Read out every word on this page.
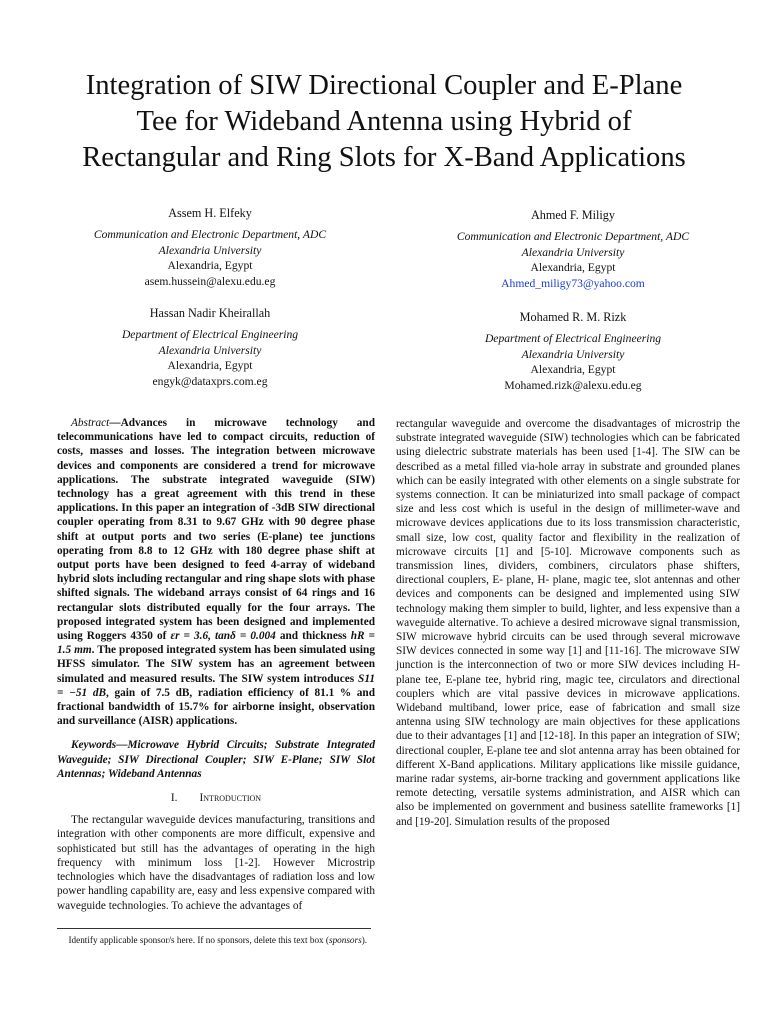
Integration of SIW Directional Coupler and E-Plane
Tee for Wideband Antenna using Hybrid of
Rectangular and Ring Slots for X-Band Applications
Assem H. Elfeky
Communication and Electronic Department, ADC
Alexandria University
Alexandria, Egypt
asem.hussein@alexu.edu.eg
Ahmed F. Miligy
Communication and Electronic Department, ADC
Alexandria University
Alexandria, Egypt
Ahmed_miligy73@yahoo.com
Hassan Nadir Kheirallah
Department of Electrical Engineering
Alexandria University
Alexandria, Egypt
engyk@dataxprs.com.eg
Mohamed R. M. Rizk
Department of Electrical Engineering
Alexandria University
Alexandria, Egypt
Mohamed.rizk@alexu.edu.eg

Abstract—Advances in microwave technology and telecommunications have led to compact circuits, reduction of costs, masses and losses. The integration between microwave devices and components are considered a trend for microwave applications. The substrate integrated waveguide (SIW) technology has a great agreement with this trend in these applications. In this paper an integration of -3dB SIW directional coupler operating from 8.31 to 9.67 GHz with 90 degree phase shift at output ports and two series (E-plane) tee junctions operating from 8.8 to 12 GHz with 180 degree phase shift at output ports have been designed to feed 4-array of wideband hybrid slots including rectangular and ring shape slots with phase shifted signals. The wideband arrays consist of 64 rings and 16 rectangular slots distributed equally for the four arrays. The proposed integrated system has been designed and implemented using Roggers 4350 of εr = 3.6, tanδ = 0.004 and thickness hR = 1.5 mm. The proposed integrated system has been simulated using HFSS simulator. The SIW system has an agreement between simulated and measured results. The SIW system introduces S11 = −51 dB, gain of 7.5 dB, radiation efficiency of 81.1 % and fractional bandwidth of 15.7% for airborne insight, observation and surveillance (AISR) applications.

Keywords—Microwave Hybrid Circuits; Substrate Integrated Waveguide; SIW Directional Coupler; SIW E-Plane; SIW Slot Antennas; Wideband Antennas

I. Introduction

The rectangular waveguide devices manufacturing, transitions and integration with other components are more difficult, expensive and sophisticated but still has the advantages of operating in the high frequency with minimum loss [1-2]. However Microstrip technologies which have the disadvantages of radiation loss and low power handling capability are, easy and less expensive compared with waveguide technologies. To achieve the advantages of

rectangular waveguide and overcome the disadvantages of microstrip the substrate integrated waveguide (SIW) technologies which can be fabricated using dielectric substrate materials has been used [1-4]. The SIW can be described as a metal filled via-hole array in substrate and grounded planes which can be easily integrated with other elements on a single substrate for systems connection. It can be miniaturized into small package of compact size and less cost which is useful in the design of millimeter-wave and microwave devices applications due to its loss transmission characteristic, small size, low cost, quality factor and flexibility in the realization of microwave circuits [1] and [5-10]. Microwave components such as transmission lines, dividers, combiners, circulators phase shifters, directional couplers, E- plane, H- plane, magic tee, slot antennas and other devices and components can be designed and implemented using SIW technology making them simpler to build, lighter, and less expensive than a waveguide alternative. To achieve a desired microwave signal transmission, SIW microwave hybrid circuits can be used through several microwave SIW devices connected in some way [1] and [11-16]. The microwave SIW junction is the interconnection of two or more SIW devices including H-plane tee, E-plane tee, hybrid ring, magic tee, circulators and directional couplers which are vital passive devices in microwave applications. Wideband multiband, lower price, ease of fabrication and small size antenna using SIW technology are main objectives for these applications due to their advantages [1] and [12-18]. In this paper an integration of SIW; directional coupler, E-plane tee and slot antenna array has been obtained for different X-Band applications. Military applications like missile guidance, marine radar systems, air-borne tracking and government applications like remote detecting, versatile systems administration, and AISR which can also be implemented on government and business satellite frameworks [1] and [19-20]. Simulation results of the proposed

Identify applicable sponsor/s here. If no sponsors, delete this text box (sponsors).
